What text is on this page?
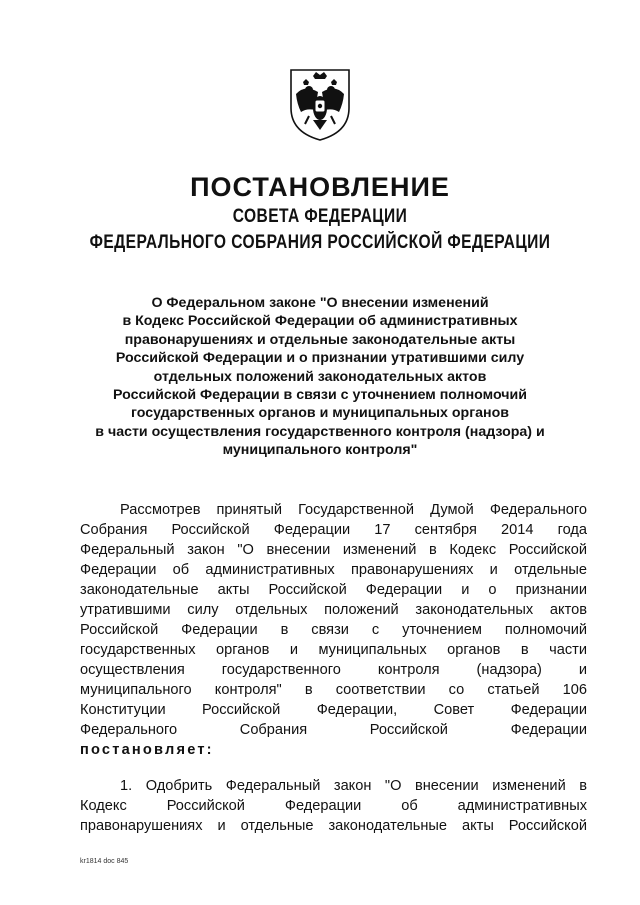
ПОСТАНОВЛЕНИЕ
СОВЕТА ФЕДЕРАЦИИ
ФЕДЕРАЛЬНОГО СОБРАНИЯ РОССИЙСКОЙ ФЕДЕРАЦИИ
О Федеральном законе "О внесении изменений
в Кодекс Российской Федерации об административных
правонарушениях и отдельные законодательные акты
Российской Федерации и о признании утратившими силу
отдельных положений законодательных актов
Российской Федерации в связи с уточнением полномочий
государственных органов и муниципальных органов
в части осуществления государственного контроля (надзора) и
муниципального контроля"
Рассмотрев принятый Государственной Думой Федерального
Собрания Российской Федерации 17 сентября 2014 года
Федеральный закон "О внесении изменений в Кодекс Российской
Федерации об административных правонарушениях и отдельные
законодательные акты Российской Федерации и о признании
утратившими силу отдельных положений законодательных актов
Российской Федерации в связи с уточнением полномочий
государственных органов и муниципальных органов в части
осуществления государственного контроля (надзора) и
муниципального контроля" в соответствии со статьей 106
Конституции Российской Федерации, Совет Федерации
Федерального Собрания Российской Федерации
постановляет:
1. Одобрить Федеральный закон "О внесении изменений в
Кодекс Российской Федерации об административных
правонарушениях и отдельные законодательные акты Российской
kr1814 doc 845
